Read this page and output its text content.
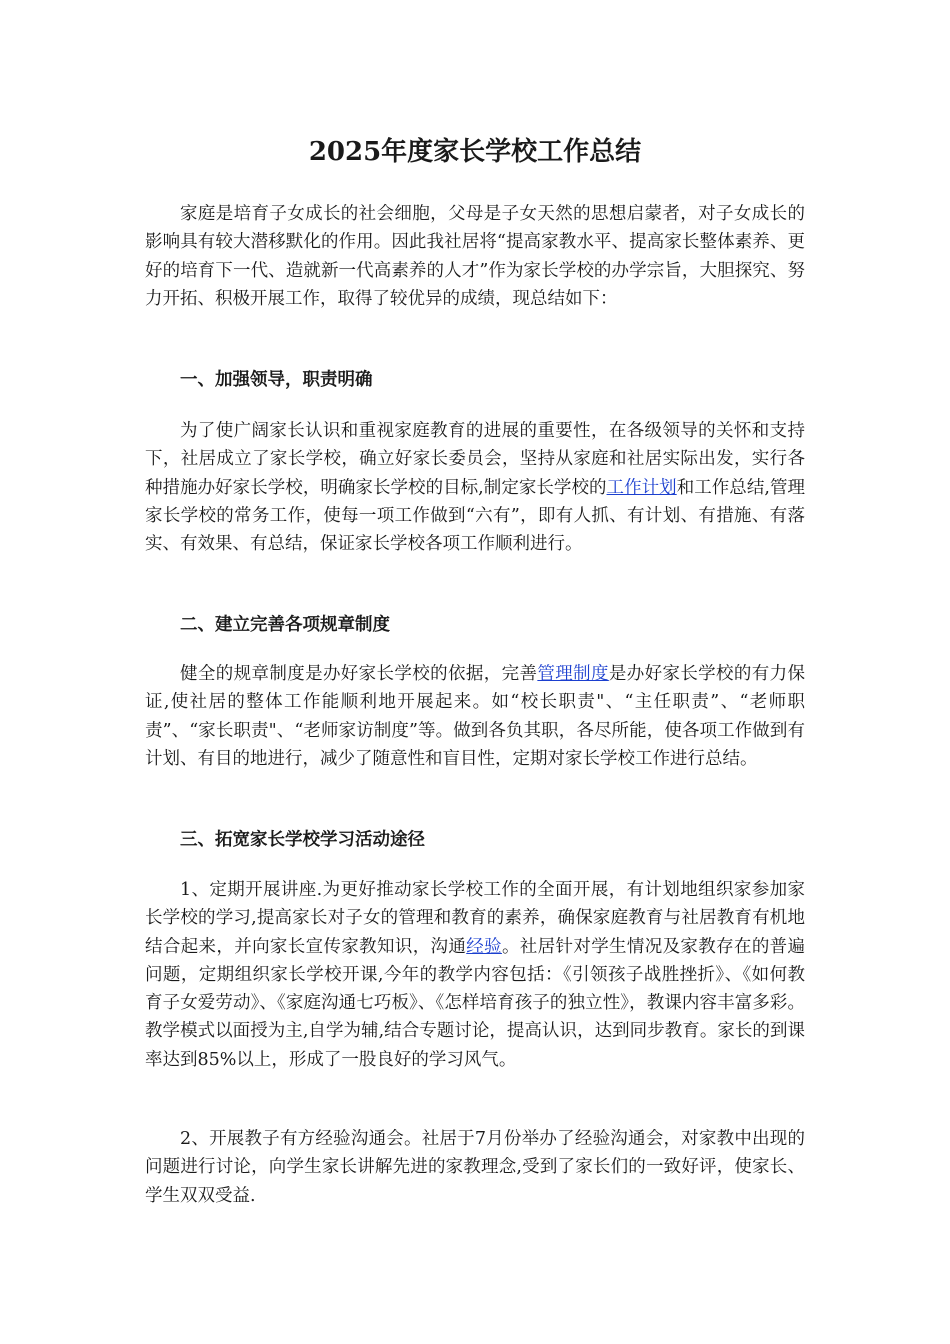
2025年度家长学校工作总结

家庭是培育子女成长的社会细胞，父母是子女天然的思想启蒙者，对子女成长的影响具有较大潜移默化的作用。因此我社居将“提高家教水平、提高家长整体素养、更好的培育下一代、造就新一代高素养的人才”作为家长学校的办学宗旨，大胆探究、努力开拓、积极开展工作，取得了较优异的成绩，现总结如下：

一、加强领导，职责明确

为了使广阔家长认识和重视家庭教育的进展的重要性，在各级领导的关怀和支持下，社居成立了家长学校，确立好家长委员会，坚持从家庭和社居实际出发，实行各种措施办好家长学校，明确家长学校的目标,制定家长学校的工作计划和工作总结,管理家长学校的常务工作，使每一项工作做到“六有”，即有人抓、有计划、有措施、有落实、有效果、有总结，保证家长学校各项工作顺利进行。

二、建立完善各项规章制度

健全的规章制度是办好家长学校的依据，完善管理制度是办好家长学校的有力保证,使社居的整体工作能顺利地开展起来。如“校长职责"、“主任职责”、“老师职责”、“家长职责"、“老师家访制度”等。做到各负其职，各尽所能，使各项工作做到有计划、有目的地进行，减少了随意性和盲目性，定期对家长学校工作进行总结。

三、拓宽家长学校学习活动途径

1、定期开展讲座.为更好推动家长学校工作的全面开展，有计划地组织家参加家长学校的学习,提高家长对子女的管理和教育的素养，确保家庭教育与社居教育有机地结合起来，并向家长宣传家教知识，沟通经验。社居针对学生情况及家教存在的普遍问题，定期组织家长学校开课,今年的教学内容包括：《引领孩子战胜挫折》、《如何教育子女爱劳动》、《家庭沟通七巧板》、《怎样培育孩子的独立性》，教课内容丰富多彩。教学模式以面授为主,自学为辅,结合专题讨论，提高认识，达到同步教育。家长的到课率达到85%以上，形成了一股良好的学习风气。

2、开展教子有方经验沟通会。社居于7月份举办了经验沟通会，对家教中出现的问题进行讨论，向学生家长讲解先进的家教理念,受到了家长们的一致好评，使家长、学生双双受益.
